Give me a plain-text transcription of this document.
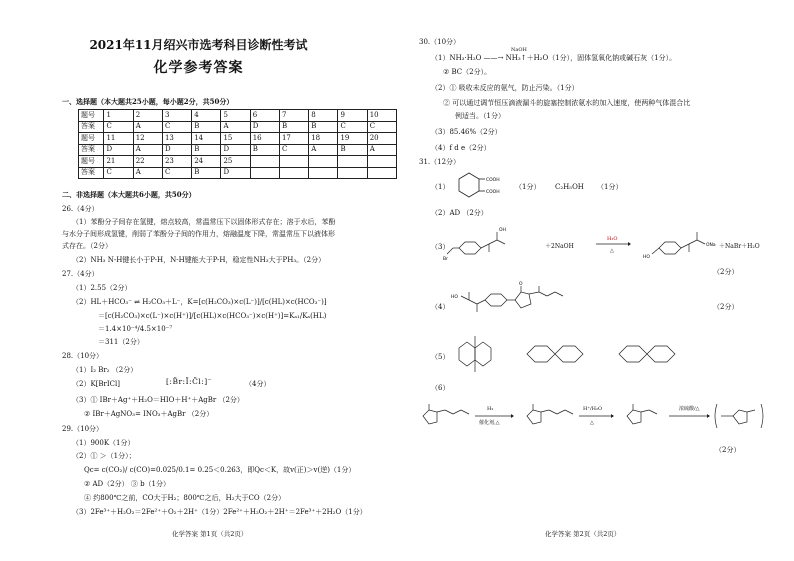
2021年11月绍兴市选考科目诊断性考试
化学参考答案
一、选择题（本大题共25小题，每小题2分，共50分）
题号	1	2	3	4	5	6	7	8	9	10
答案	C	A	C	B	A	D	B	B	C	C
题号	11	12	13	14	15	16	17	18	19	20
答案	D	A	D	B	D	B	C	A	B	A
题号	21	22	23	24	25					
答案	C	A	C	B	D					
二、非选择题（本大题共6小题，共50分）
26.（4分）
（1）苯酚分子间存在氢键，熔点较高，常温常压下以固体形式存在；溶于水后，苯酚
与水分子间形成氢键，削弱了苯酚分子间的作用力，熔融温度下降，常温常压下以液体形
式存在。（2分）
（2）NH₃ N-H键长小于P-H，N-H键能大于P-H，稳定性NH₃大于PH₃。（2分）
27.（4分）
（1）2.55（2分）
（2）HL＋HCO₃⁻ ⇌ H₂CO₃＋L⁻，K=[c(H₂CO₃)×c(L⁻)]/[c(HL)×c(HCO₃⁻)]
＝[c(H₂CO₃)×c(L⁻)×c(H⁺)]/[c(HL)×c(HCO₃⁻)×c(H⁺)]=Kₐ₁/Kₐ(HL)
＝1.4×10⁻⁴/4.5×10⁻⁷
＝311（2分）
28.（10分）
（1）I₂ Br₂ （2分）
（2）K[BrICl]	[:B̈r:Ï:C̈l:]⁻	（4分）
（3）① IBr＋Ag⁺＋H₂O＝HIO＋H⁺＋AgBr （2分）
② IBr＋AgNO₃= INO₃＋AgBr （2分）
29.（10分）
（1）900K（1分）
（2）① ＞（1分）；
Qc= c(CO₂)/ c(CO)=0.025/0.1= 0.25＜0.263，即Qc＜K，故v(正)＞v(逆)（1分）
② AD（2分） ③ b（1分）
④ 约800℃之前，CO大于H₂；800℃之后，H₂大于CO（2分）
（3）2Fe³⁺＋H₂O₂＝2Fe²⁺＋O₂＋2H⁺（1分）2Fe²⁺＋H₂O₂＋2H⁺＝2Fe³⁺＋2H₂O（1分）
化学答案 第1页（共2页）
30.（10分）
（1）NH₃·H₂O ——→ NH₃↑＋H₂O（1分），固体氢氧化钠或碱石灰（1分）。
NaOH
② BC（2分）。
（2）① 吸收未反应的氨气，防止污染。（1分）
② 可以通过调节恒压滴液漏斗的旋塞控制浓氨水的加入速度，使两种气体混合比
例适当。（1分）
（3）85.46%（2分）
（4）f d e（2分）
31.（12分）
（1）
COOH
COOH
（1分） C₂H₅OH （1分）
（2）AD （2分）
（3）
Br
OH
＋2NaOH
H₂O
△
HO
ONa ＋NaBr＋H₂O
（2分）
（4）
HO
O
（2分）
（5）
（6）
H₂
催化剂,△
H⁺/H₂O
△
浓硫酸/△
（2分）
化学答案 第2页（共2页）
